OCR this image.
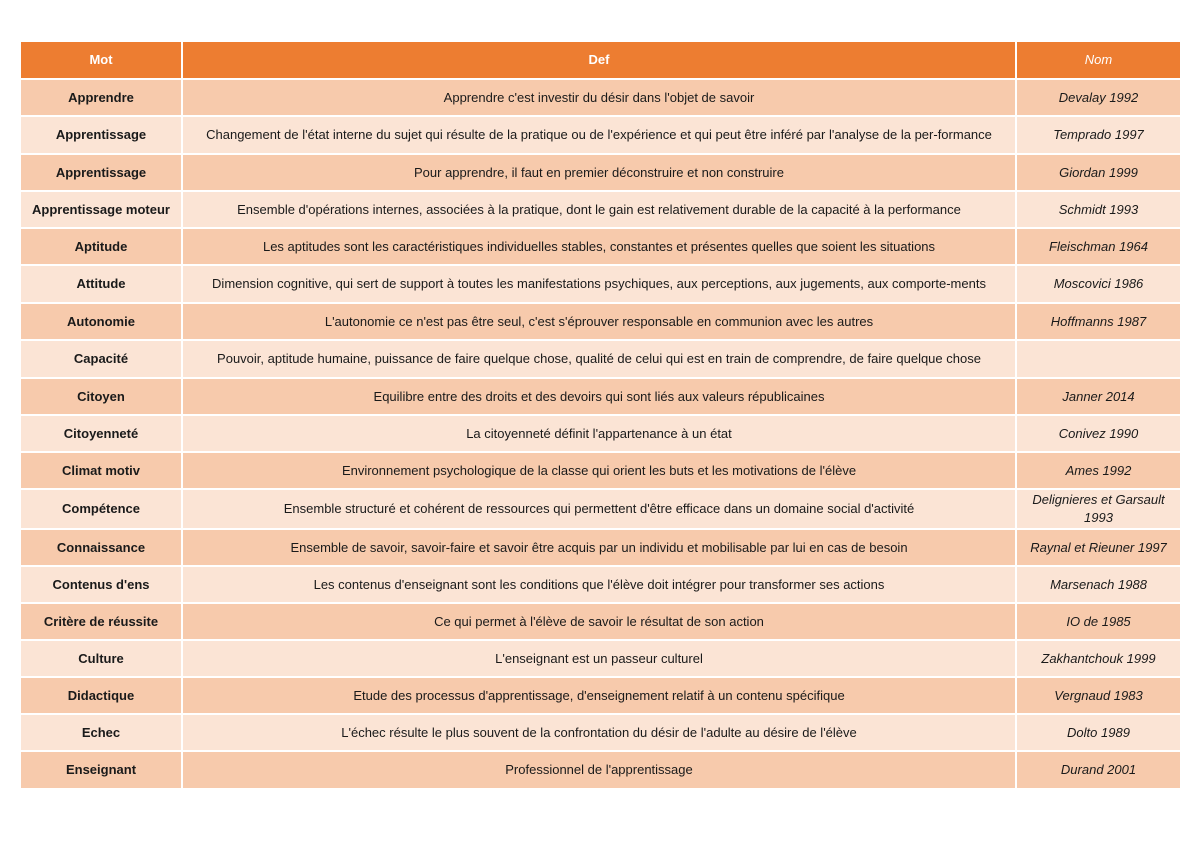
Mot	Def	Nom
Apprendre	Apprendre c'est investir du désir dans l'objet de savoir	Devalay 1992
Apprentissage	Changement de l'état interne du sujet qui résulte de la pratique ou de l'expérience et qui peut être inféré par l'analyse de la per-formance	Temprado 1997
Apprentissage	Pour apprendre, il faut en premier déconstruire et non construire	Giordan 1999
Apprentissage moteur	Ensemble d'opérations internes, associées à la pratique, dont le gain est relativement durable de la capacité à la performance	Schmidt 1993
Aptitude	Les aptitudes sont les caractéristiques individuelles stables, constantes et présentes quelles que soient les situations	Fleischman 1964
Attitude	Dimension cognitive, qui sert de support à toutes les manifestations psychiques, aux perceptions, aux jugements, aux comporte-ments	Moscovici 1986
Autonomie	L'autonomie ce n'est pas être seul, c'est s'éprouver responsable en communion avec les autres	Hoffmanns 1987
Capacité	Pouvoir, aptitude humaine, puissance de faire quelque chose, qualité de celui qui est en train de comprendre, de faire quelque chose	
Citoyen	Equilibre entre des droits et des devoirs qui sont liés aux valeurs républicaines	Janner 2014
Citoyenneté	La citoyenneté définit l'appartenance à un état	Conivez 1990
Climat motiv	Environnement psychologique de la classe qui orient les buts et les motivations de l'élève	Ames 1992
Compétence	Ensemble structuré et cohérent de ressources qui permettent d'être efficace dans un domaine social d'activité	Delignieres et Garsault 1993
Connaissance	Ensemble de savoir, savoir-faire et savoir être acquis par un individu et mobilisable par lui en cas de besoin	Raynal et Rieuner 1997
Contenus d'ens	Les contenus d'enseignant sont les conditions que l'élève doit intégrer pour transformer ses actions	Marsenach 1988
Critère de réussite	Ce qui permet à l'élève de savoir le résultat de son action	IO de 1985
Culture	L'enseignant est un passeur culturel	Zakhantchouk 1999
Didactique	Etude des processus d'apprentissage, d'enseignement relatif à un contenu spécifique	Vergnaud 1983
Echec	L'échec résulte le plus souvent de la confrontation du désir de l'adulte au désire de l'élève	Dolto 1989
Enseignant	Professionnel de l'apprentissage	Durand 2001
